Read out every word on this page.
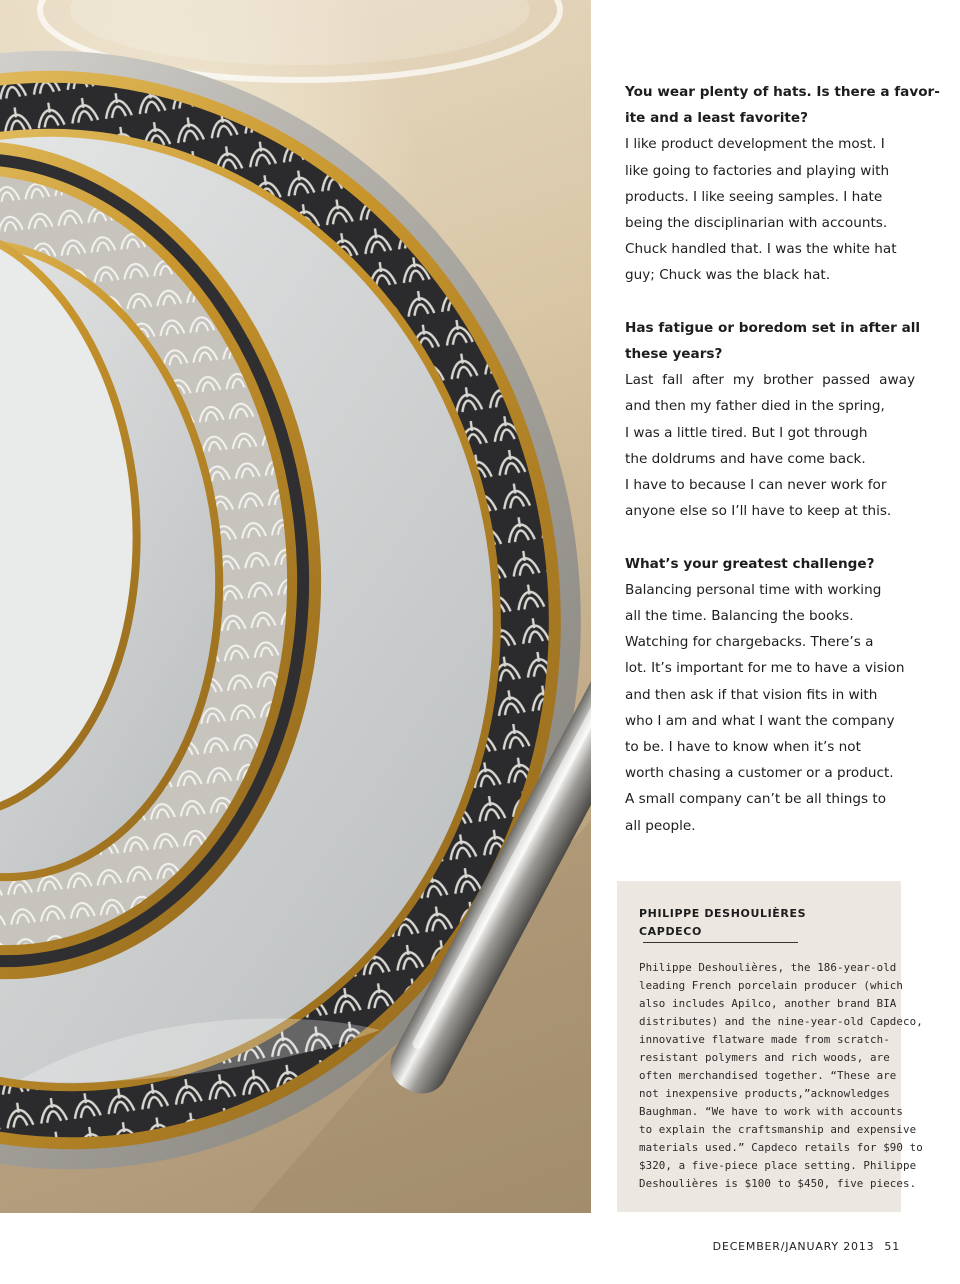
You wear plenty of hats. Is there a favor-
ite and a least favorite?

I like product development the most. I
like going to factories and playing with
products. I like seeing samples. I hate
being the disciplinarian with accounts.
Chuck handled that. I was the white hat
guy; Chuck was the black hat.

Has fatigue or boredom set in after all
these years?

Last fall after my brother passed away
and then my father died in the spring,
I was a little tired. But I got through
the doldrums and have come back.
I have to because I can never work for
anyone else so I’ll have to keep at this.

What’s your greatest challenge?

Balancing personal time with working
all the time. Balancing the books.
Watching for chargebacks. There’s a
lot. It’s important for me to have a vision
and then ask if that vision fits in with
who I am and what I want the company
to be. I have to know when it’s not
worth chasing a customer or a product.
A small company can’t be all things to
all people.

PHILIPPE DESHOULIÈRES
CAPDECO
Philippe Deshoulières, the 186-year-old
leading French porcelain producer (which
also includes Apilco, another brand BIA
distributes) and the nine-year-old Capdeco,
innovative flatware made from scratch-
resistant polymers and rich woods, are
often merchandised together. “These are
not inexpensive products,”acknowledges
Baughman. “We have to work with accounts
to explain the craftsmanship and expensive
materials used.” Capdeco retails for $90 to
$320, a five-piece place setting. Philippe
Deshoulières is $100 to $450, five pieces.
DECEMBER/JANUARY 2013 51
